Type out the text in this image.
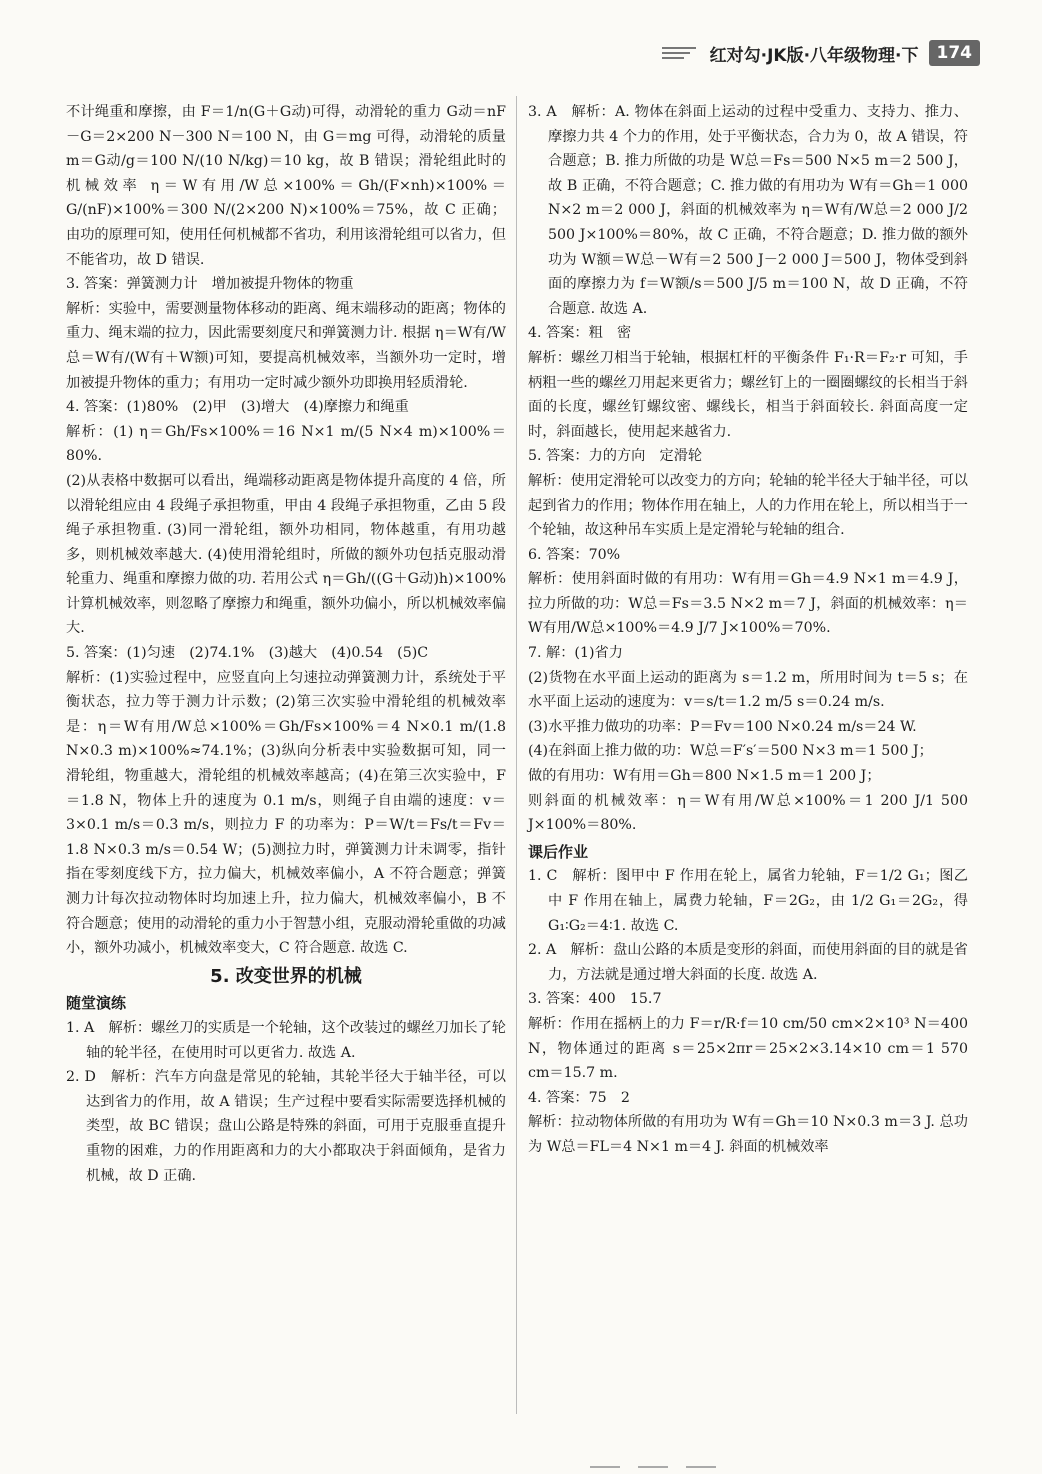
红对勾·JK版·八年级物理·下	174

不计绳重和摩擦，由 F＝1/n(G＋G动)可得，动滑轮的重力 G动＝nF－G＝2×200 N－300 N＝100 N，由 G＝mg 可得，动滑轮的质量 m＝G动/g＝100 N/(10 N/kg)＝10 kg，故 B 错误；滑轮组此时的机械效率 η＝W有用/W总×100%＝Gh/(F×nh)×100%＝G/(nF)×100%＝300 N/(2×200 N)×100%＝75%，故 C 正确；由功的原理可知，使用任何机械都不省功，利用该滑轮组可以省力，但不能省功，故 D 错误.

3. 答案：弹簧测力计　增加被提升物体的物重

解析：实验中，需要测量物体移动的距离、绳末端移动的距离；物体的重力、绳末端的拉力，因此需要刻度尺和弹簧测力计. 根据 η＝W有/W总＝W有/(W有＋W额)可知，要提高机械效率，当额外功一定时，增加被提升物体的重力；有用功一定时减少额外功即换用轻质滑轮.

4. 答案：(1)80%　(2)甲　(3)增大　(4)摩擦力和绳重

解析：(1) η＝Gh/Fs×100%＝16 N×1 m/(5 N×4 m)×100%＝80%.

(2)从表格中数据可以看出，绳端移动距离是物体提升高度的 4 倍，所以滑轮组应由 4 段绳子承担物重，甲由 4 段绳子承担物重，乙由 5 段绳子承担物重. (3)同一滑轮组，额外功相同，物体越重，有用功越多，则机械效率越大. (4)使用滑轮组时，所做的额外功包括克服动滑轮重力、绳重和摩擦力做的功. 若用公式 η＝Gh/((G＋G动)h)×100%计算机械效率，则忽略了摩擦力和绳重，额外功偏小，所以机械效率偏大.

5. 答案：(1)匀速　(2)74.1%　(3)越大　(4)0.54　(5)C

解析：(1)实验过程中，应竖直向上匀速拉动弹簧测力计，系统处于平衡状态，拉力等于测力计示数；(2)第三次实验中滑轮组的机械效率是：η＝W有用/W总×100%＝Gh/Fs×100%＝4 N×0.1 m/(1.8 N×0.3 m)×100%≈74.1%；(3)纵向分析表中实验数据可知，同一滑轮组，物重越大，滑轮组的机械效率越高；(4)在第三次实验中，F＝1.8 N，物体上升的速度为 0.1 m/s，则绳子自由端的速度：v＝3×0.1 m/s＝0.3 m/s，则拉力 F 的功率为：P＝W/t＝Fs/t＝Fv＝1.8 N×0.3 m/s＝0.54 W；(5)测拉力时，弹簧测力计未调零，指针指在零刻度线下方，拉力偏大，机械效率偏小，A 不符合题意；弹簧测力计每次拉动物体时均加速上升，拉力偏大，机械效率偏小，B 不符合题意；使用的动滑轮的重力小于智慧小组，克服动滑轮重做的功减小，额外功减小，机械效率变大，C 符合题意. 故选 C.

5. 改变世界的机械
随堂演练

1. A　解析：螺丝刀的实质是一个轮轴，这个改装过的螺丝刀加长了轮轴的轮半径，在使用时可以更省力. 故选 A.

2. D　解析：汽车方向盘是常见的轮轴，其轮半径大于轴半径，可以达到省力的作用，故 A 错误；生产过程中要看实际需要选择机械的类型，故 BC 错误；盘山公路是特殊的斜面，可用于克服垂直提升重物的困难，力的作用距离和力的大小都取决于斜面倾角，是省力机械，故 D 正确.

3. A　解析：A. 物体在斜面上运动的过程中受重力、支持力、推力、摩擦力共 4 个力的作用，处于平衡状态，合力为 0，故 A 错误，符合题意；B. 推力所做的功是 W总＝Fs＝500 N×5 m＝2 500 J，故 B 正确，不符合题意；C. 推力做的有用功为 W有＝Gh＝1 000 N×2 m＝2 000 J，斜面的机械效率为 η＝W有/W总＝2 000 J/2 500 J×100%＝80%，故 C 正确，不符合题意；D. 推力做的额外功为 W额＝W总－W有＝2 500 J－2 000 J＝500 J，物体受到斜面的摩擦力为 f＝W额/s＝500 J/5 m＝100 N，故 D 正确，不符合题意. 故选 A.

4. 答案：粗　密

解析：螺丝刀相当于轮轴，根据杠杆的平衡条件 F₁·R＝F₂·r 可知，手柄粗一些的螺丝刀用起来更省力；螺丝钉上的一圈圈螺纹的长相当于斜面的长度，螺丝钉螺纹密、螺线长，相当于斜面较长. 斜面高度一定时，斜面越长，使用起来越省力.

5. 答案：力的方向　定滑轮

解析：使用定滑轮可以改变力的方向；轮轴的轮半径大于轴半径，可以起到省力的作用；物体作用在轴上，人的力作用在轮上，所以相当于一个轮轴，故这种吊车实质上是定滑轮与轮轴的组合.

6. 答案：70%

解析：使用斜面时做的有用功：W有用＝Gh＝4.9 N×1 m＝4.9 J，拉力所做的功：W总＝Fs＝3.5 N×2 m＝7 J，斜面的机械效率：η＝W有用/W总×100%＝4.9 J/7 J×100%＝70%.

7. 解：(1)省力

(2)货物在水平面上运动的距离为 s＝1.2 m，所用时间为 t＝5 s；在水平面上运动的速度为：v＝s/t＝1.2 m/5 s＝0.24 m/s.

(3)水平推力做功的功率：P＝Fv＝100 N×0.24 m/s＝24 W.

(4)在斜面上推力做的功：W总＝F′s′＝500 N×3 m＝1 500 J；

做的有用功：W有用＝Gh＝800 N×1.5 m＝1 200 J；

则斜面的机械效率：η＝W有用/W总×100%＝1 200 J/1 500 J×100%＝80%.

课后作业

1. C　解析：图甲中 F 作用在轮上，属省力轮轴，F＝1/2 G₁；图乙中 F 作用在轴上，属费力轮轴，F＝2G₂，由 1/2 G₁＝2G₂，得 G₁∶G₂＝4∶1. 故选 C.

2. A　解析：盘山公路的本质是变形的斜面，而使用斜面的目的就是省力，方法就是通过增大斜面的长度. 故选 A.

3. 答案：400　15.7

解析：作用在摇柄上的力 F＝r/R·f＝10 cm/50 cm×2×10³ N＝400 N，物体通过的距离 s＝25×2πr＝25×2×3.14×10 cm＝1 570 cm＝15.7 m.

4. 答案：75　2

解析：拉动物体所做的有用功为 W有＝Gh＝10 N×0.3 m＝3 J. 总功为 W总＝FL＝4 N×1 m＝4 J. 斜面的机械效率
